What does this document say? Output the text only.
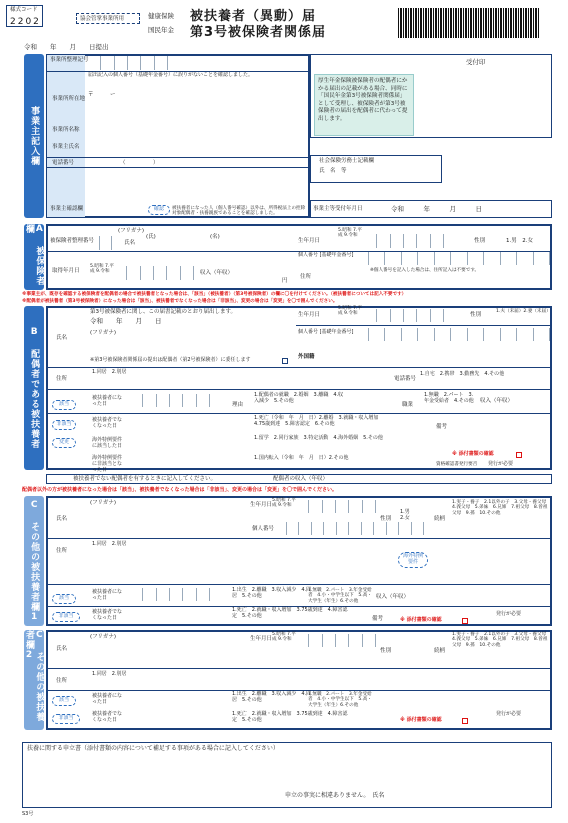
様式コード
2202	協会管掌事業所用	健康保険
国民年金
被扶養者（異動）届
第3号被保険者関係届
令和　　年　　月　　日提出
事業主記入欄
事業所整理記号
届出記入の個人番号（基礎年金番号）に誤りがないことを確認しました。
事業所所在地
〒　　　ー
事業所名称
事業主氏名
電話番号	（　　　　　）
事業主確認欄	確認	被扶養者になった人（個人番号確認）以外は、所得税法上の控除対象配偶者・扶養親族であることを確認しました。
受付印
厚生年金保険被保険者の配偶者にかかる届出の記載がある場合、同時に「国民年金第3号被保険者関係届」として受理し、被保険者が第3号被保険者の届出を配偶者に代わって提出します。
社会保険労務士記載欄
氏　名　等
事業主等受付年月日	令和　　　年　　　月　　　日
A 被保険者欄
被保険者整理番号
(フリガナ)
氏名
(氏)	(名)
生年月日
5.昭和 7.平成 9.令和
性別	1.男　2.女
個人番号 [基礎年金番号]
取得年月日
5.昭和 7.平成 9.令和	収入（年収）
円
住所
※個人番号を記入した場合は、住所記入は不要です。
※事業主が、既存を確認する被保険者を配偶者の場合で被扶養者となった場合は、「該当」（被扶養者）（第3号被保険者）の欄に〇を付けてください。（被扶養者については記入不要です）
※配偶者が被扶養者（第3号被保険者）になった場合は「該当」、被扶養者でなくなった場合は「非該当」、変更の場合は「変更」を〇で囲んでください。
B 配偶者である被扶養者
第3号被保険者に関し、この届書記載のとおり届出します。
令和　　年　　月　　日
氏名
(フリガナ)
※第3号被保険者関係届の提出は配偶者（第2号被保険者）に委任します
生年月日
5.昭和 7.平成 9.令和	性別
1.夫（未届）2.妻（未届）
個人番号 [基礎年金番号]
外国籍
住所
1.同居　2.別居
電話番号
1.自宅　2.携帯　3.勤務先　4.その他
該当
被扶養者になった日	理由
1.配偶者の就職　2.婚姻　3.離職　4.収入減少　5.その他
職業
1.無職　2.パート　3.年金受給者　4.その他	収入（年収）
非該当
被扶養者でなくなった日
1.死亡（令和　年　月　日）2.離婚　3.就職・収入増加　4.75歳到達　5.障害認定　6.その他
変更	海外特例要件に該当した日
1.留学　2.同行家族　3.特定活動　4.海外婚姻　5.その他
海外特例要件に非該当となった日
1.国内転入（令和　年　月　日）2.その他
備考
※ 添付書類の確認
資格確認書発行要否 発行が必要
被扶養者でない配偶者を有するときに記入してください。	配偶者の収入（年収）
配偶者以外の方が被扶養者になった場合は「該当」、被扶養者でなくなった場合は「非該当」、変更の場合は「変更」を〇で囲んでください。
C その他の被扶養者欄1	氏名
(フリガナ)	生年月日
5.昭和 7.平成 9.令和
性別
1.男　2.女	続柄
1.実子・養子　2.1以外の子　3.父母・養父母　4.義父母　5.弟妹　6.兄姉　7.祖父母　8.曽祖父母　9.孫　10.その他
個人番号
住所
1.同居　2.別居
海外特例要件
該当
被扶養者になった日
1.出生　2.離職　3.収入減少　4.同居　5.その他
1.無職　2.パート　3.年金受給者　4.小・中学生以下　5.高・大学生（年生）6.その他
収入（年収）
非該当
被扶養者でなくなった日
1.死亡　2.就職・収入増加　3.75歳到達　4.障害認定　5.その他
備考	※ 添付書類の確認
発行が必要
C その他の被扶養者欄2	氏名
(フリガナ)	生年月日
5.昭和 7.平成 9.令和
性別	続柄
1.実子・養子　2.1以外の子　3.父母・養父母　4.義父母　5.弟妹　6.兄姉　7.祖父母　8.曽祖父母　9.孫　10.その他
住所
1.同居　2.別居
該当
被扶養者になった日
1.出生　2.離職　3.収入減少　4.同居　5.その他
1.無職　2.パート　3.年金受給者　4.小・中学生以下　5.高・大学生（年生）6.その他
非該当
被扶養者でなくなった日
1.死亡　2.就職・収入増加　3.75歳到達　4.障害認定　5.その他	※ 添付書類の確認
発行が必要
扶養に関する申立書（添付書類の内容について補足する事項がある場合に記入してください）
申立の事実に相違ありません。　氏名
S3号
